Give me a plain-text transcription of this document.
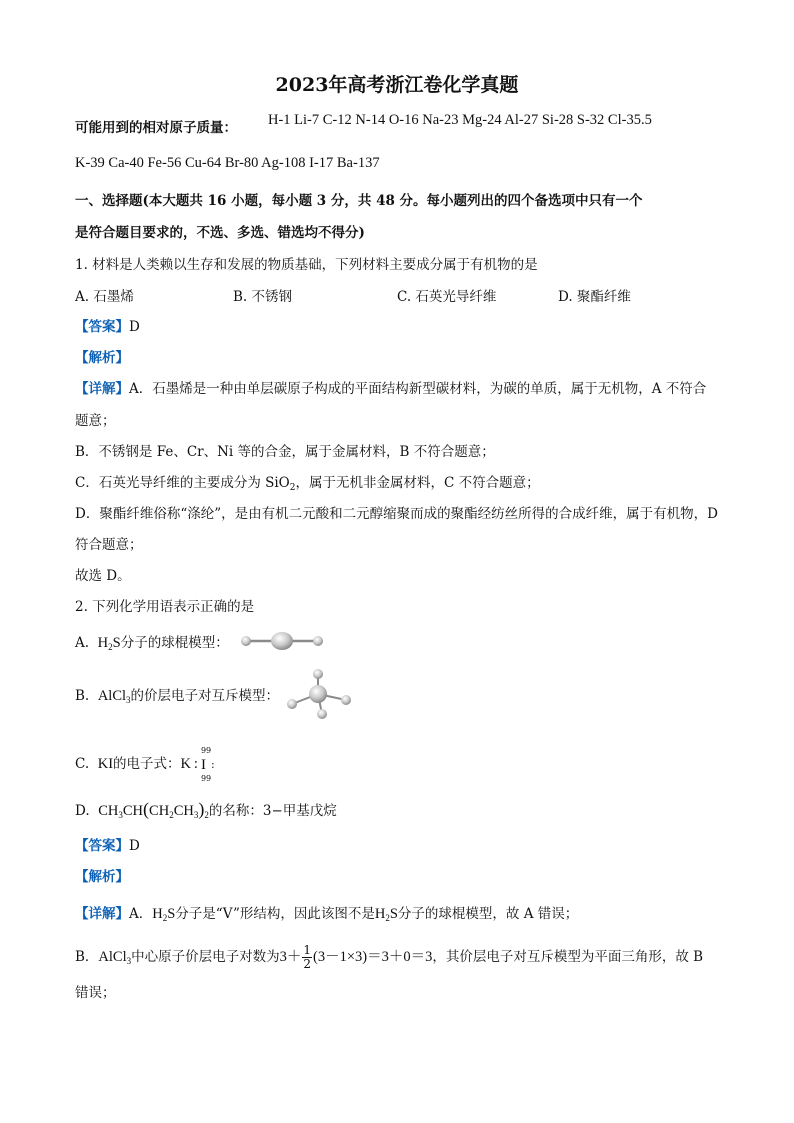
2023年高考浙江卷化学真题
可能用到的相对原子质量： H-1 Li-7 C-12 N-14 O-16 Na-23 Mg-24 Al-27 Si-28 S-32 Cl-35.5
K-39 Ca-40 Fe-56 Cu-64 Br-80 Ag-108 I-17 Ba-137
一、选择题(本大题共 16 小题，每小题 3 分，共 48 分。每小题列出的四个备选项中只有一个
是符合题目要求的，不选、多选、错选均不得分)
1. 材料是人类赖以生存和发展的物质基础，下列材料主要成分属于有机物的是
A. 石墨烯	B. 不锈钢	C. 石英光导纤维	D. 聚酯纤维
【答案】D
【解析】
【详解】A．石墨烯是一种由单层碳原子构成的平面结构新型碳材料，为碳的单质，属于无机物，A 不符合
题意；
B．不锈钢是 Fe、Cr、Ni 等的合金，属于金属材料，B 不符合题意；
C．石英光导纤维的主要成分为 SiO$_2$，属于无机非金属材料，C 不符合题意；
D．聚酯纤维俗称“涤纶”，是由有机二元酸和二元醇缩聚而成的聚酯经纺丝所得的合成纤维，属于有机物，D
符合题意；
故选 D。
2. 下列化学用语表示正确的是
A. $H_2S$分子的球棍模型：
B. AlCl$_3$的价层电子对互斥模型：
C. KI的电子式：K :
99
I :
99
D. $CH_3CH(CH_2CH_3)_2$的名称：3−甲基戊烷
【答案】D
【解析】
【详解】A．$H_2S$分子是“V”形结构，因此该图不是$H_2S$分子的球棍模型，故 A 错误；
B．AlCl$_3$中心原子价层电子对数为$3+ \frac{1}{2} (3-1\times 3)=3+0=3$，其价层电子对互斥模型为平面三角形，故 B
错误；
